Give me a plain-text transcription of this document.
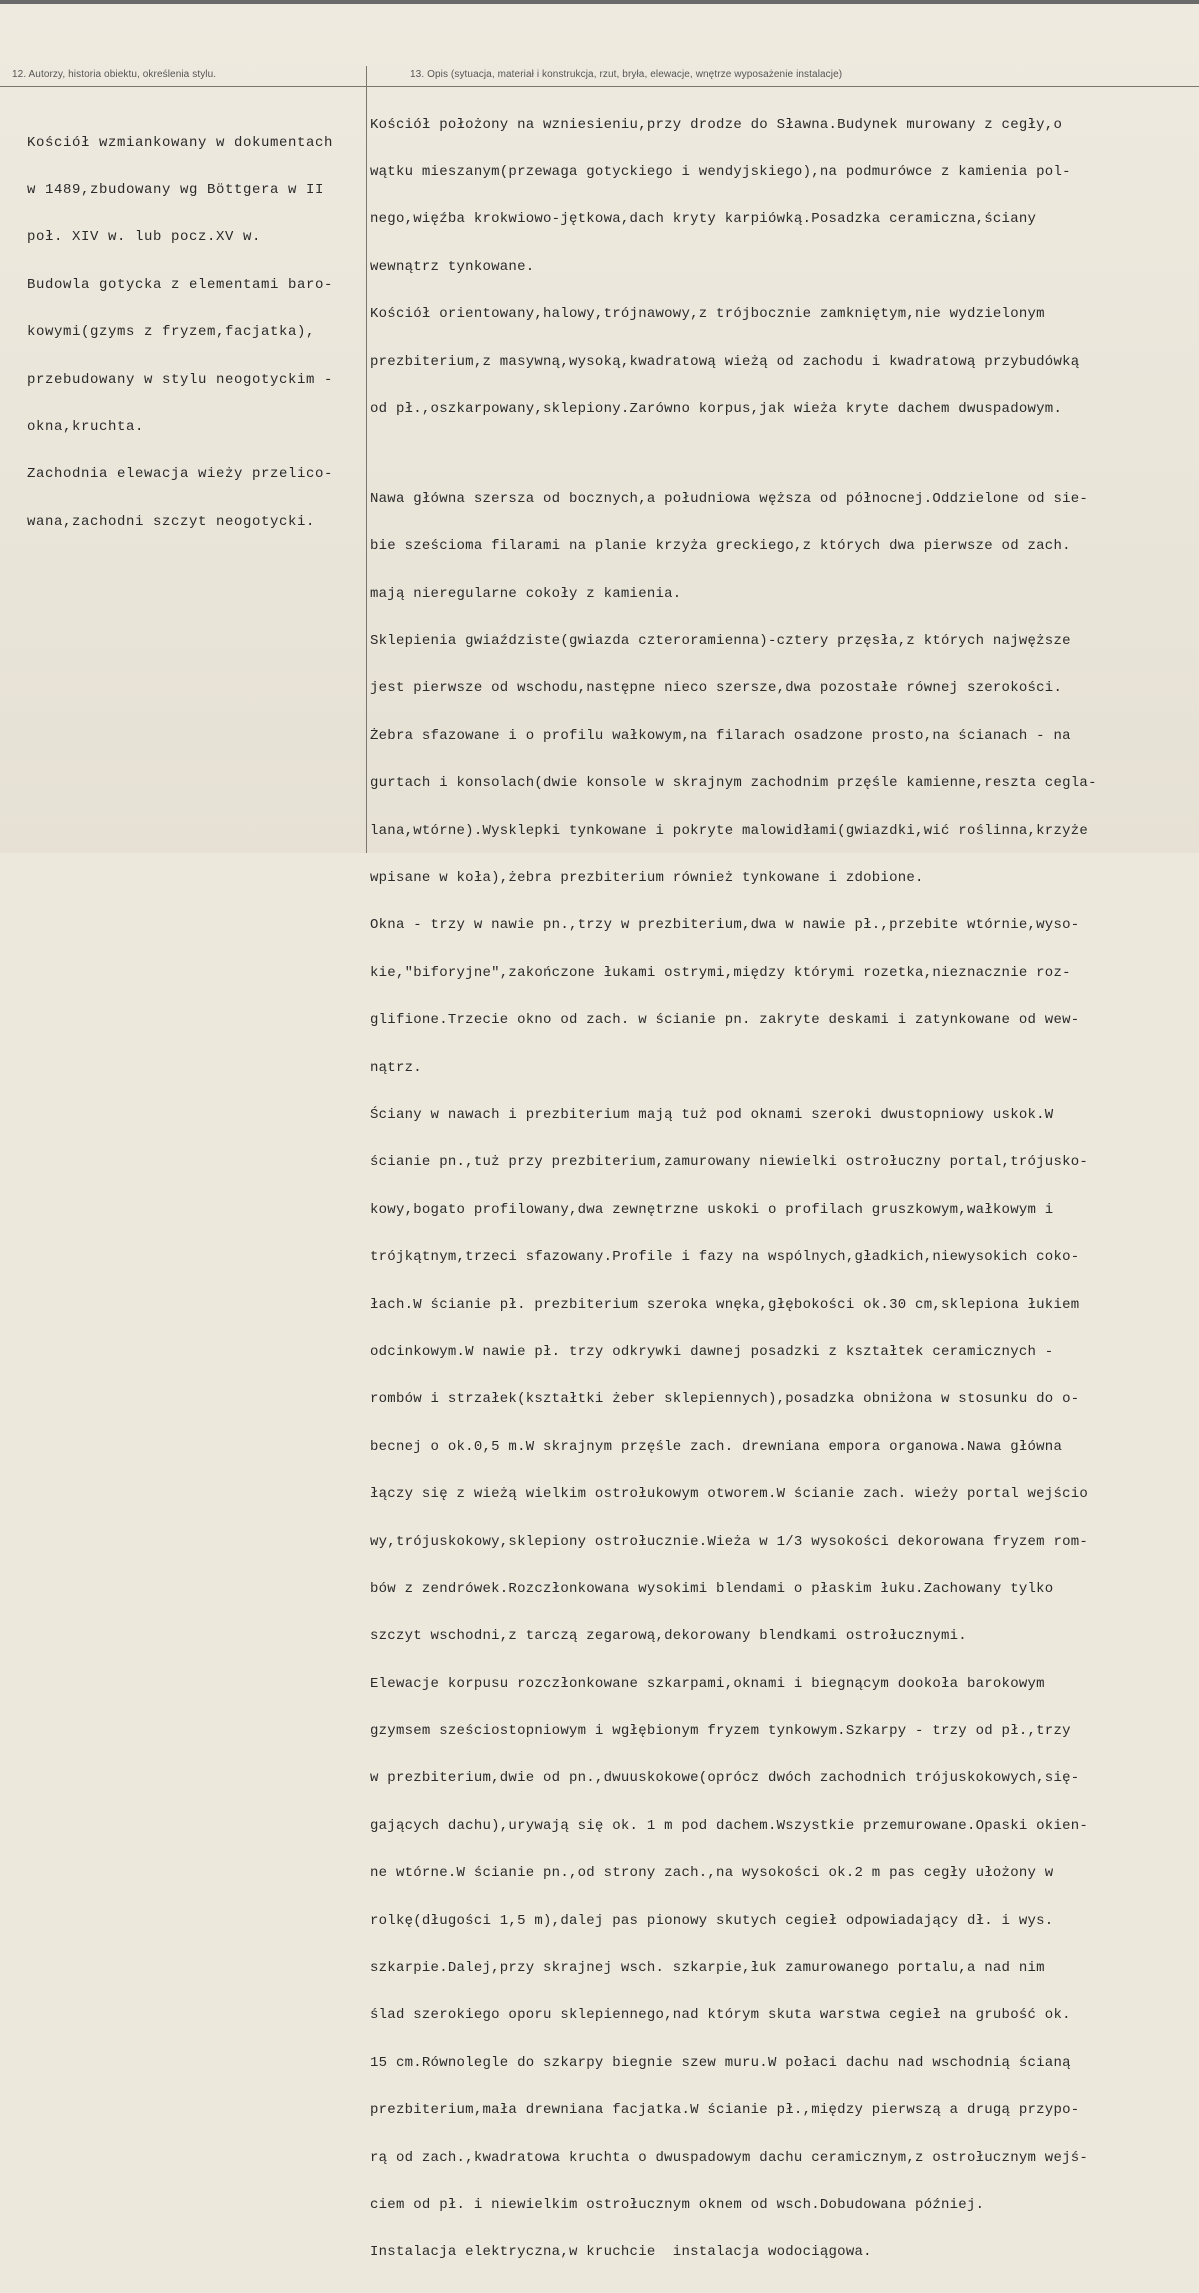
12. Autorzy, historia obiektu, określenia stylu.	13. Opis (sytuacja, materiał i konstrukcja, rzut, bryła, elewacje, wnętrze wyposażenie instalacje)

Kościół wzmiankowany w dokumentach

w 1489,zbudowany wg Böttgera w II

poł. XIV w. lub pocz.XV w.

Budowla gotycka z elementami baro-

kowymi(gzyms z fryzem,facjatka),

przebudowany w stylu neogotyckim -

okna,kruchta.

Zachodnia elewacja wieży przelico-

wana,zachodni szczyt neogotycki.

Kościół położony na wzniesieniu,przy drodze do Sławna.Budynek murowany z cegły,o

wątku mieszanym(przewaga gotyckiego i wendyjskiego),na podmurówce z kamienia pol-

nego,więźba krokwiowo-jętkowa,dach kryty karpiówką.Posadzka ceramiczna,ściany

wewnątrz tynkowane.

Kościół orientowany,halowy,trójnawowy,z trójbocznie zamkniętym,nie wydzielonym

prezbiterium,z masywną,wysoką,kwadratową wieżą od zachodu i kwadratową przybudówką

od pł.,oszkarpowany,sklepiony.Zarówno korpus,jak wieża kryte dachem dwuspadowym.

Nawa główna szersza od bocznych,a południowa węższa od północnej.Oddzielone od sie-

bie sześcioma filarami na planie krzyża greckiego,z których dwa pierwsze od zach.

mają nieregularne cokoły z kamienia.

Sklepienia gwiaździste(gwiazda czteroramienna)-cztery przęsła,z których najwęższe

jest pierwsze od wschodu,następne nieco szersze,dwa pozostałe równej szerokości.

Żebra sfazowane i o profilu wałkowym,na filarach osadzone prosto,na ścianach - na

gurtach i konsolach(dwie konsole w skrajnym zachodnim przęśle kamienne,reszta cegla-

lana,wtórne).Wysklepki tynkowane i pokryte malowidłami(gwiazdki,wić roślinna,krzyże

wpisane w koła),żebra prezbiterium również tynkowane i zdobione.

Okna - trzy w nawie pn.,trzy w prezbiterium,dwa w nawie pł.,przebite wtórnie,wyso-

kie,"biforyjne",zakończone łukami ostrymi,między którymi rozetka,nieznacznie roz-

glifione.Trzecie okno od zach. w ścianie pn. zakryte deskami i zatynkowane od wew-

nątrz.

Ściany w nawach i prezbiterium mają tuż pod oknami szeroki dwustopniowy uskok.W

ścianie pn.,tuż przy prezbiterium,zamurowany niewielki ostrołuczny portal,trójusko-

kowy,bogato profilowany,dwa zewnętrzne uskoki o profilach gruszkowym,wałkowym i

trójkątnym,trzeci sfazowany.Profile i fazy na wspólnych,gładkich,niewysokich coko-

łach.W ścianie pł. prezbiterium szeroka wnęka,głębokości ok.30 cm,sklepiona łukiem

odcinkowym.W nawie pł. trzy odkrywki dawnej posadzki z kształtek ceramicznych -

rombów i strzałek(kształtki żeber sklepiennych),posadzka obniżona w stosunku do o-

becnej o ok.0,5 m.W skrajnym przęśle zach. drewniana empora organowa.Nawa główna

łączy się z wieżą wielkim ostrołukowym otworem.W ścianie zach. wieży portal wejścio

wy,trójuskokowy,sklepiony ostrołucznie.Wieża w 1/3 wysokości dekorowana fryzem rom-

bów z zendrówek.Rozczłonkowana wysokimi blendami o płaskim łuku.Zachowany tylko

szczyt wschodni,z tarczą zegarową,dekorowany blendkami ostrołucznymi.

Elewacje korpusu rozczłonkowane szkarpami,oknami i biegnącym dookoła barokowym

gzymsem sześciostopniowym i wgłębionym fryzem tynkowym.Szkarpy - trzy od pł.,trzy

w prezbiterium,dwie od pn.,dwuuskokowe(oprócz dwóch zachodnich trójuskokowych,się-

gających dachu),urywają się ok. 1 m pod dachem.Wszystkie przemurowane.Opaski okien-

ne wtórne.W ścianie pn.,od strony zach.,na wysokości ok.2 m pas cegły ułożony w

rolkę(długości 1,5 m),dalej pas pionowy skutych cegieł odpowiadający dł. i wys.

szkarpie.Dalej,przy skrajnej wsch. szkarpie,łuk zamurowanego portalu,a nad nim

ślad szerokiego oporu sklepiennego,nad którym skuta warstwa cegieł na grubość ok.

15 cm.Równolegle do szkarpy biegnie szew muru.W połaci dachu nad wschodnią ścianą

prezbiterium,mała drewniana facjatka.W ścianie pł.,między pierwszą a drugą przypo-

rą od zach.,kwadratowa kruchta o dwuspadowym dachu ceramicznym,z ostrołucznym wejś-

ciem od pł. i niewielkim ostrołucznym oknem od wsch.Dobudowana później.

Instalacja elektryczna,w kruchcie  instalacja wodociągowa.
